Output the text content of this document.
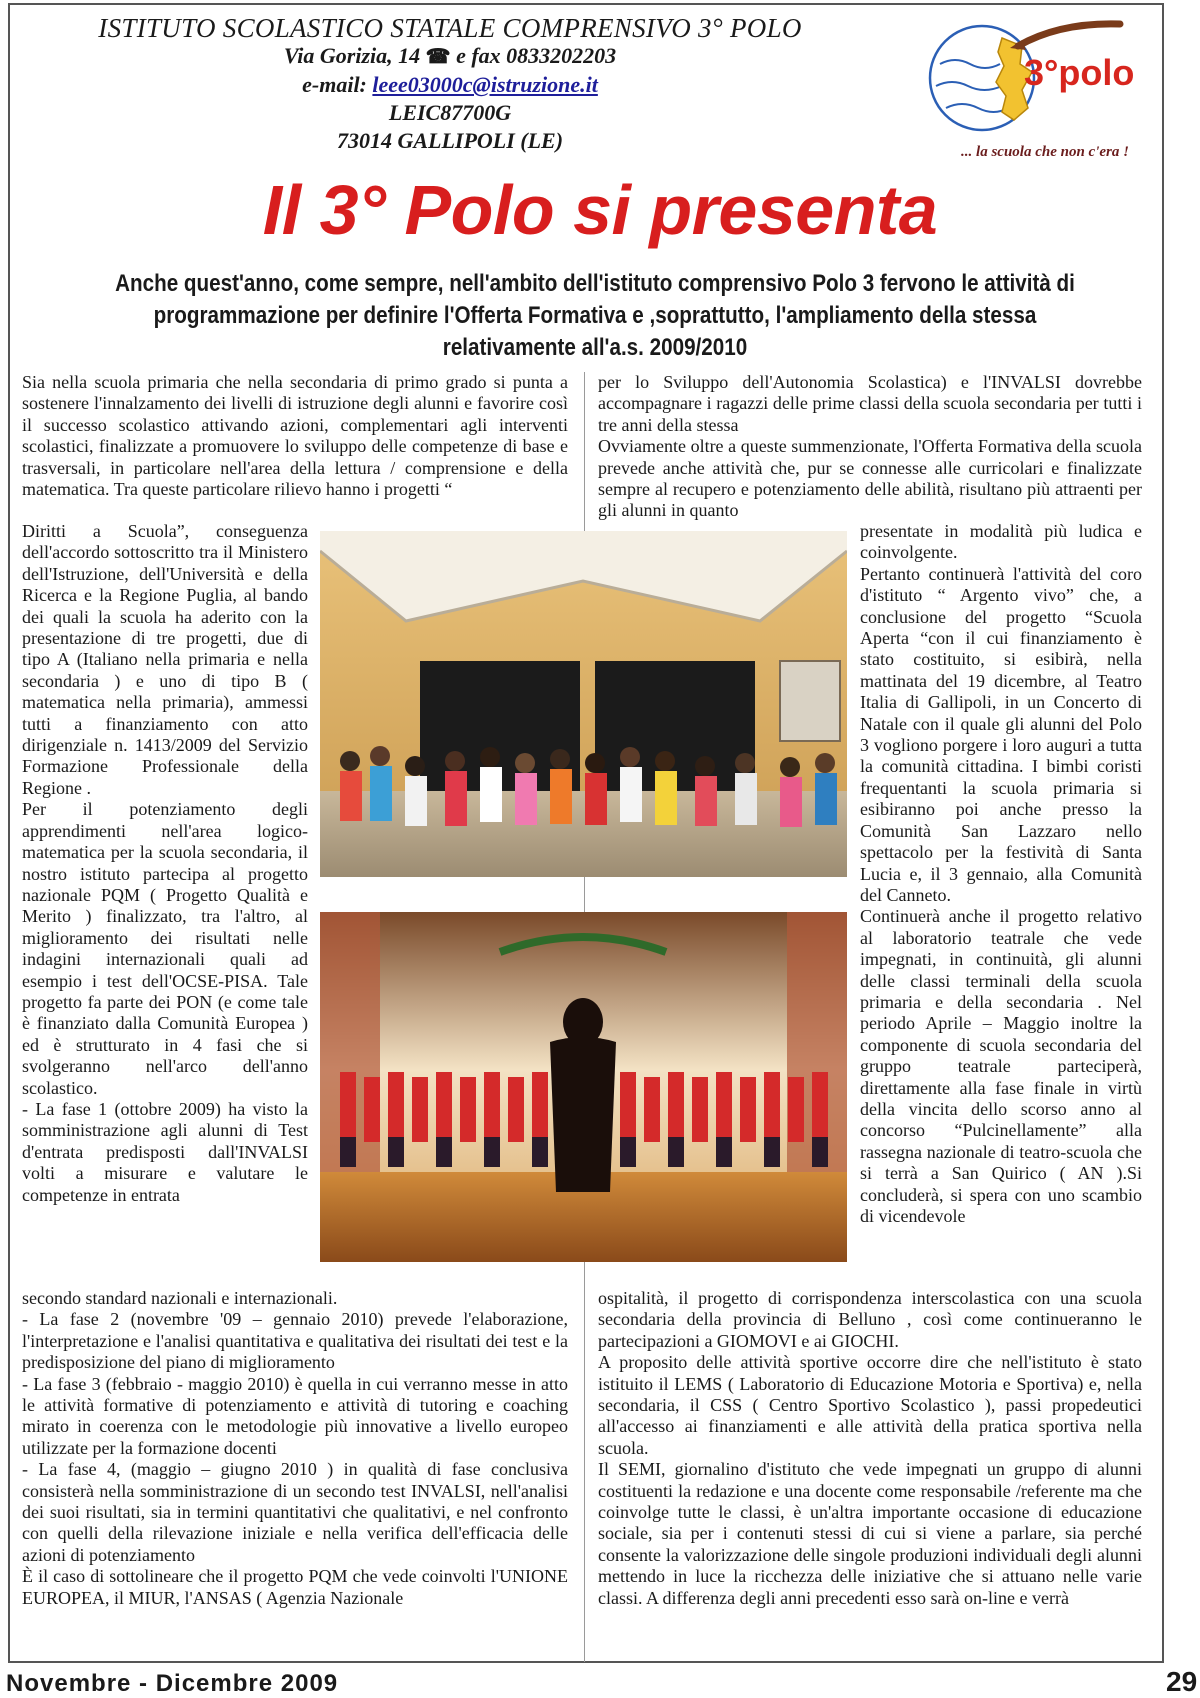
ISTITUTO SCOLASTICO STATALE COMPRENSIVO 3° POLO
Via Gorizia, 14 ☎ e fax 0833202203
e-mail: leee03000c@istruzione.it
LEIC87700G
73014 GALLIPOLI (LE)
3°polo
... la scuola che non c'era !
Il 3° Polo si presenta

Anche quest'anno, come sempre, nell'ambito dell'istituto comprensivo Polo 3 fervono le attività di programmazione per definire l'Offerta Formativa e ,soprattutto, l'ampliamento della stessa relativamente all'a.s. 2009/2010

Sia nella scuola primaria che nella secondaria di primo grado si punta a sostenere l'innalzamento dei livelli di istruzione degli alunni e favorire così il successo scolastico attivando azioni, complementari agli interventi scolastici, finalizzate a promuovere lo sviluppo delle competenze di base e trasversali, in particolare nell'area della lettura / comprensione e della matematica. Tra queste particolare rilievo hanno i progetti “

Diritti a Scuola”, conseguenza dell'accordo sottoscritto tra il Ministero dell'Istruzione, dell'Università e della Ricerca e la Regione Puglia, al bando dei quali la scuola ha aderito con la presentazione di tre progetti, due di tipo A (Italiano nella primaria e nella secondaria ) e uno di tipo B ( matematica nella primaria), ammessi tutti a finanziamento con atto dirigenziale n. 1413/2009 del Servizio Formazione Professionale della Regione .

Per il potenziamento degli apprendimenti nell'area logico-matematica per la scuola secondaria, il nostro istituto partecipa al progetto nazionale PQM ( Progetto Qualità e Merito ) finalizzato, tra l'altro, al miglioramento dei risultati nelle indagini internazionali quali ad esempio i test dell'OCSE-PISA. Tale progetto fa parte dei PON (e come tale è finanziato dalla Comunità Europea ) ed è strutturato in 4 fasi che si svolgeranno nell'arco dell'anno scolastico.

- La fase 1 (ottobre 2009) ha visto la somministrazione agli alunni di Test d'entrata predisposti dall'INVALSI volti a misurare e valutare le competenze in entrata

secondo standard nazionali e internazionali.

- La fase 2 (novembre '09 – gennaio 2010) prevede l'elaborazione, l'interpretazione e l'analisi quantitativa e qualitativa dei risultati dei test e la predisposizione del piano di miglioramento

- La fase 3 (febbraio - maggio 2010) è quella in cui verranno messe in atto le attività formative di potenziamento e attività di tutoring e coaching mirato in coerenza con le metodologie più innovative a livello europeo utilizzate per la formazione docenti

- La fase 4, (maggio – giugno 2010 ) in qualità di fase conclusiva consisterà nella somministrazione di un secondo test INVALSI, nell'analisi dei suoi risultati, sia in termini quantitativi che qualitativi, e nel confronto con quelli della rilevazione iniziale e nella verifica dell'efficacia delle azioni di potenziamento

È il caso di sottolineare che il progetto PQM che vede coinvolti l'UNIONE EUROPEA, il MIUR, l'ANSAS ( Agenzia Nazionale

per lo Sviluppo dell'Autonomia Scolastica) e l'INVALSI dovrebbe accompagnare i ragazzi delle prime classi della scuola secondaria per tutti i tre anni della stessa

Ovviamente oltre a queste summenzionate, l'Offerta Formativa della scuola prevede anche attività che, pur se connesse alle curricolari e finalizzate sempre al recupero e potenziamento delle abilità, risultano più attraenti per gli alunni in quanto

presentate in modalità più ludica e coinvolgente.

Pertanto continuerà l'attività del coro d'istituto “ Argento vivo” che, a conclusione del progetto “Scuola Aperta “con il cui finanziamento è stato costituito, si esibirà, nella mattinata del 19 dicembre, al Teatro Italia di Gallipoli, in un Concerto di Natale con il quale gli alunni del Polo 3 vogliono porgere i loro auguri a tutta la comunità cittadina. I bimbi coristi frequentanti la scuola primaria si esibiranno poi anche presso la Comunità San Lazzaro nello spettacolo per la festività di Santa Lucia e, il 3 gennaio, alla Comunità del Canneto.

Continuerà anche il progetto relativo al laboratorio teatrale che vede impegnati, in continuità, gli alunni delle classi terminali della scuola primaria e della secondaria . Nel periodo Aprile – Maggio inoltre la componente di scuola secondaria del gruppo teatrale parteciperà, direttamente alla fase finale in virtù della vincita dello scorso anno al concorso “Pulcinellamente” alla rassegna nazionale di teatro-scuola che si terrà a San Quirico ( AN ).Si concluderà, si spera con uno scambio di vicendevole

ospitalità, il progetto di corrispondenza interscolastica con una scuola secondaria della provincia di Belluno , così come continueranno le partecipazioni a GIOMOVI e ai GIOCHI.

A proposito delle attività sportive occorre dire che nell'istituto è stato istituito il LEMS ( Laboratorio di Educazione Motoria e Sportiva) e, nella secondaria, il CSS ( Centro Sportivo Scolastico ), passi propedeutici all'accesso ai finanziamenti e alle attività della pratica sportiva nella scuola.

Il SEMI, giornalino d'istituto che vede impegnati un gruppo di alunni costituenti la redazione e una docente come responsabile /referente ma che coinvolge tutte le classi, è un'altra importante occasione di educazione sociale, sia per i contenuti stessi di cui si viene a parlare, sia perché consente la valorizzazione delle singole produzioni individuali degli alunni mettendo in luce la ricchezza delle iniziative che si attuano nelle varie classi. A differenza degli anni precedenti esso sarà on-line e verrà

Novembre - Dicembre 2009	29
